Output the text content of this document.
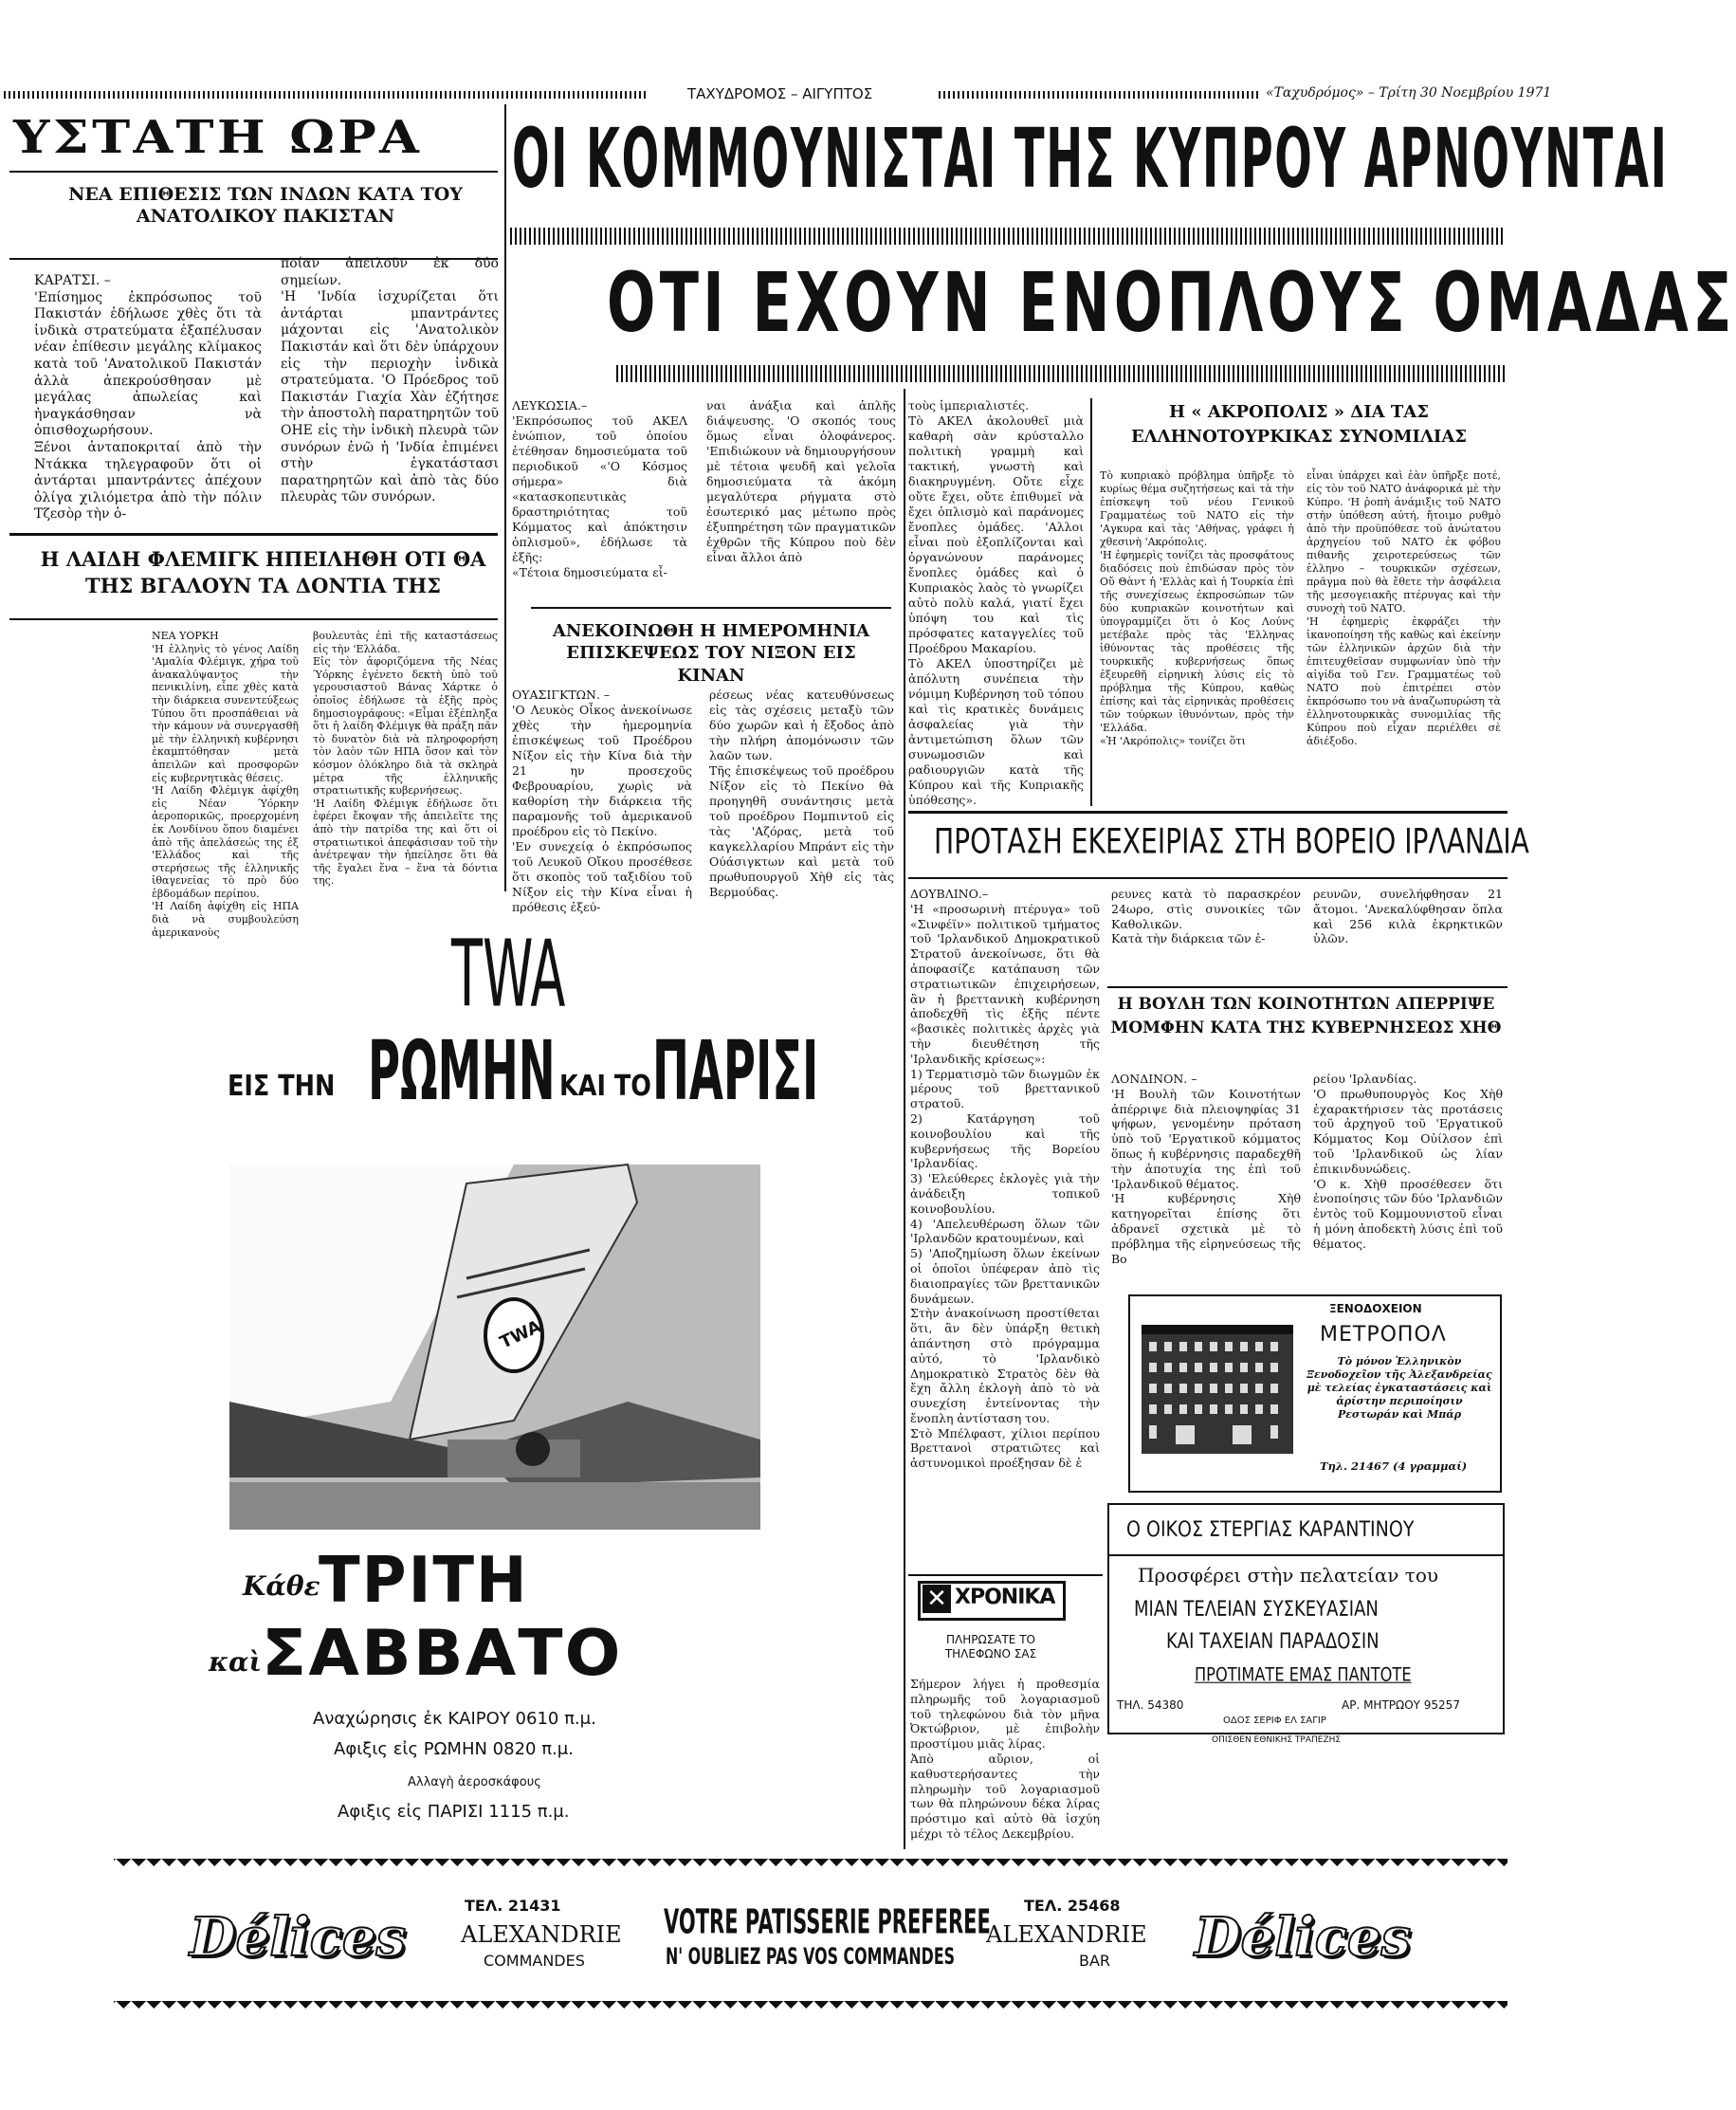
ΤΑΧΥΔΡΟΜΟΣ – ΑΙΓΥΠΤΟΣ	«Ταχυδρόμος» – Τρίτη 30 Νοεμβρίου 1971
ΥΣΤΑΤΗ ΩΡΑ
ΝΕΑ ΕΠΙΘΕΣΙΣ ΤΩΝ ΙΝΔΩΝ ΚΑΤΑ ΤΟΥ ΑΝΑΤΟΛΙΚΟΥ ΠΑΚΙΣΤΑΝ
ΚΑΡΑΤΣΙ. –
'Επίσημος ἐκπρόσωπος τοῦ Πακιστάν ἐδήλωσε χθὲς ὅτι τὰ ἰνδικὰ στρατεύματα ἐξαπέλυσαν νέαν ἐπίθεσιν μεγάλης κλίμακος κατὰ τοῦ 'Ανατολικοῦ Πακιστάν ἀλλὰ ἀπεκρούσθησαν μὲ μεγάλας ἀπωλείας καὶ ἠναγκάσθησαν νὰ ὀπισθοχωρήσουν.
Ξένοι ἀνταποκριταί ἀπὸ τὴν Ντάκκα τηλεγραφοῦν ὅτι οἱ ἀντάρται μπαντράντες ἀπέχουν ὀλίγα χιλιόμετρα ἀπὸ τὴν πόλιν Τζεσὸρ τὴν ὁ-
ποίαν ἀπειλοῦν ἐκ δύο σημείων.
'Η 'Ινδία ἰσχυρίζεται ὅτι ἀντάρται μπαντράντες μάχονται εἰς 'Ανατολικὸν Πακιστάν καὶ ὅτι δὲν ὑπάρχουν εἰς τὴν περιοχὴν ἰνδικὰ στρατεύματα. 'Ο Πρόεδρος τοῦ Πακιστάν Γιαχία Χὰν ἐζήτησε τὴν ἀποστολὴ παρατηρητῶν τοῦ ΟΗΕ εἰς τὴν ἰνδικὴ πλευρὰ τῶν συνόρων ἐνῶ ἡ 'Ινδία ἐπιμένει στὴν ἐγκατάστασι παρατηρητῶν καὶ ἀπὸ τὰς δύο πλευρὰς τῶν συνόρων.
Η ΛΑΙΔΗ ΦΛΕΜΙΓΚ ΗΠΕΙΛΗΘΗ ΟΤΙ ΘΑ ΤΗΣ ΒΓΑΛΟΥΝ ΤΑ ΔΟΝΤΙΑ ΤΗΣ
ΝΕΑ ΥΟΡΚΗ
'Η ἑλληνὶς τὸ γένος Λαίδη 'Αμαλία Φλέμιγκ, χήρα τοῦ ἀνακαλύψαντος τὴν πενικιλίνη, εἶπε χθὲς κατὰ τὴν διάρκεια συνεντεύξεως Τύπου ὅτι προσπάθειαι νὰ τὴν κάμουν νὰ συνεργασθῆ μὲ τὴν ἑλληνικὴ κυβέρνησι ἐκαμπτόθησαν μετὰ ἀπειλῶν καὶ προσφορῶν εἰς κυβερνητικὰς θέσεις.
'Η Λαίδη Φλέμιγκ ἀφίχθη εἰς Νέαν Ύόρκην ἀεροπορικῶς, προερχομένη ἐκ Λονδίνου ὅπου διαμένει ἀπὸ τῆς ἀπελάσεώς της ἐξ 'Ελλάδος καὶ τῆς στερήσεως τῆς ἑλληνικῆς ἰθαγενείας τὸ πρὸ δύο ἑβδομάδων περίπου.
'Η Λαίδη ἀφίχθη εἰς ΗΠΑ διὰ νὰ συμβουλεύση ἀμερικανοὺς
βουλευτὰς ἐπὶ τῆς καταστάσεως εἰς τὴν 'Ελλάδα.
Εἰς τὸν ἀφοριζόμενα τῆς Νέας Ύόρκης ἐγένετο δεκτὴ ὑπὸ τοῦ γερουσιαστοῦ Βάνας Χάρτκε ὁ ὁποῖος ἐδήλωσε τὰ ἑξῆς πρὸς δημοσιογράφους: «Εἶμαι ἐξέπληξα ὅτι ἡ λαίδη Φλέμιγκ θὰ πράξη πᾶν τὸ δυνατὸν διὰ νὰ πληροφορήση τὸν λαὸν τῶν ΗΠΑ ὅσον καὶ τὸν κόσμον ὁλόκληρο διὰ τὰ σκληρὰ μέτρα τῆς ἑλληνικῆς στρατιωτικῆς κυβερνήσεως.
'Η Λαίδη Φλέμιγκ ἐδήλωσε ὅτι ἐφέρει ἔκοψαν τῆς ἀπειλεῖτε της ἀπὸ τὴν πατρίδα της καὶ ὅτι οἱ στρατιωτικοὶ ἀπεφάσισαν τοῦ τὴν ἀνέτρεψαν τὴν ἠπείλησε ὅτι θὰ τῆς ἔγαλει ἕνα – ἕνα τὰ δόντια της.
ΟΙ ΚΟΜΜΟΥΝΙΣΤΑΙ ΤΗΣ ΚΥΠΡΟΥ ΑΡΝΟΥΝΤΑΙ
ΟΤΙ ΕΧΟΥΝ ΕΝΟΠΛΟΥΣ ΟΜΑΔΑΣ
ΛΕΥΚΩΣΙΑ.–
'Εκπρόσωπος τοῦ ΑΚΕΛ ἐνώπιον, τοῦ ὁποίου ἐτέθησαν δημοσιεύματα τοῦ περιοδικοῦ «'Ο Κόσμος σήμερα» διὰ «κατασκοπευτικὰς δραστηριότητας τοῦ Κόμματος καὶ ἀπόκτησιν ὁπλισμοῦ», ἐδήλωσε τὰ ἑξῆς:
«Τέτοια δημοσιεύματα εἶ-
ναι ἀνάξια καὶ ἁπλῆς διάψευσης. 'Ο σκοπός τους ὅμως εἶναι ὁλοφάνερος. 'Επιδιώκουν νὰ δημιουργήσουν μὲ τέτοια ψευδῆ καὶ γελοῖα δημοσιεύματα τὰ ἀκόμη μεγαλύτερα ρήγματα στὸ ἐσωτερικό μας μέτωπο πρὸς ἐξυπηρέτηση τῶν πραγματικῶν ἐχθρῶν τῆς Κύπρου ποὺ δὲν εἶναι ἄλλοι ἀπὸ
ΑΝΕΚΟΙΝΩΘΗ Η ΗΜΕΡΟΜΗΝΙΑ ΕΠΙΣΚΕΨΕΩΣ ΤΟΥ ΝΙΞΟΝ ΕΙΣ ΚΙΝΑΝ
ΟΥΑΣΙΓΚΤΩΝ. –
'Ο Λευκὸς Οἶκος ἀνεκοίνωσε χθὲς τὴν ἡμερομηνία ἐπισκέψεως τοῦ Προέδρου Νίξον εἰς τὴν Κίνα διὰ τὴν 21 ην προσεχοῦς Φεβρουαρίου, χωρὶς νὰ καθορίση τὴν διάρκεια τῆς παραμονῆς τοῦ ἀμερικανοῦ προέδρου εἰς τὸ Πεκίνο.
'Εν συνεχείᾳ ὁ ἐκπρόσωπος τοῦ Λευκοῦ Οἴκου προσέθεσε ὅτι σκοπὸς τοῦ ταξιδίου τοῦ Νίξον εἰς τὴν Κίνα εἶναι ἡ πρόθεσις ἐξεύ-
ρέσεως νέας κατευθύνσεως εἰς τὰς σχέσεις μεταξὺ τῶν δύο χωρῶν καὶ ἡ ἔξοδος ἀπὸ τὴν πλήρη ἀπομόνωσιν τῶν λαῶν των.
Τῆς ἐπισκέψεως τοῦ προέδρου Νίξον εἰς τὸ Πεκίνο θὰ προηγηθῆ συνάντησις μετὰ τοῦ προέδρου Πομπιντοῦ εἰς τὰς 'Αζόρας, μετὰ τοῦ καγκελλαρίου Μπράντ εἰς τὴν Ούάσιγκτων καὶ μετὰ τοῦ πρωθυπουργοῦ Χὴθ εἰς τὰς Βερμούδας.
τοὺς ἰμπεριαλιστές.
Τὸ ΑΚΕΛ ἀκολουθεῖ μιὰ καθαρὴ σὰν κρύσταλλο πολιτικὴ γραμμὴ καὶ τακτική, γνωστὴ καὶ διακηρυγμένη. Οὔτε εἶχε οὔτε ἔχει, οὔτε ἐπιθυμεῖ νὰ ἔχει ὁπλισμὸ καὶ παράνομες ἔνοπλες ὁμάδες. 'Αλλοι εἶναι ποὺ ἐξοπλίζονται καὶ ὀργανώνουν παράνομες ἔνοπλες ὁμάδες καὶ ὁ Κυπριακὸς λαὸς τὸ γνωρίζει αὐτὸ πολὺ καλά, γιατί ἔχει ὑπόψη του καὶ τὶς πρόσφατες καταγγελίες τοῦ Προέδρου Μακαρίου.
Τὸ ΑΚΕΛ ὑποστηρίζει μὲ ἀπόλυτη συνέπεια τὴν νόμιμη Κυβέρνηση τοῦ τόπου καὶ τὶς κρατικὲς δυνάμεις ἀσφαλείας γιὰ τὴν ἀντιμετώπιση ὅλων τῶν συνωμοσιῶν καὶ ραδιουργιῶν κατὰ τῆς Κύπρου καὶ τῆς Κυπριακῆς ὑπόθεσης».
Η « ΑΚΡΟΠΟΛΙΣ » ΔΙΑ ΤΑΣ ΕΛΛΗΝΟΤΟΥΡΚΙΚΑΣ ΣΥΝΟΜΙΛΙΑΣ
Τὸ κυπριακὸ πρόβλημα ὑπῆρξε τὸ κυρίως θέμα συζητήσεως καὶ τὰ τὴν ἐπίσκεψη τοῦ νέου Γενικοῦ Γραμματέως τοῦ ΝΑΤΟ εἰς τὴν 'Αγκυρα καὶ τὰς 'Αθήνας, γράφει ἡ χθεσινὴ 'Ακρόπολις.
'Η ἐφημερὶς τονίζει τὰς προσφάτους διαδόσεις ποὺ ἐπιδώσαν πρὸς τὸν Οὔ Θὰντ ἡ 'Ελλὰς καὶ ἡ Τουρκία ἐπὶ τῆς συνεχίσεως ἐκπροσώπων τῶν δύο κυπριακῶν κοινοτήτων καὶ ὑπογραμμίζει ὅτι ὁ Κος Λούνς μετέβαλε πρὸς τὰς 'Ελληνας ἰθύνοντας τὰς προθέσεις τῆς τουρκικῆς κυβερνήσεως ὅπως ἐξευρεθῆ εἰρηνικὴ λύσις εἰς τὸ πρόβλημα τῆς Κύπρου, καθὼς ἐπίσης καὶ τὰς εἰρηνικὰς προθέσεις τῶν τούρκων ἰθυνόντων, πρὸς τὴν 'Ελλάδα.
«Ἡ 'Ακρόπολις» τονίζει ὅτι
εἶναι ὑπάρχει καὶ ἐὰν ὑπῆρξε ποτέ, εἰς τὸν τοῦ ΝΑΤΟ ἀνάφορικά μὲ τὴν Κύπρο. 'Η ῥοπὴ ἀνάμιξις τοῦ ΝΑΤΟ στὴν ὑπόθεση αὐτή, ἤτοιμο ρυθμὸ ἀπὸ τὴν προϋπόθεσε τοῦ ἀνώτατου ἀρχηγείου τοῦ ΝΑΤΟ ἐκ φόβου πιθανῆς χειροτερεύσεως τῶν ἑλληνο – τουρκικῶν σχέσεων, πρᾶγμα ποὺ θὰ ἔθετε τὴν ἀσφάλεια τῆς μεσογειακῆς πτέρυγας καὶ τὴν συνοχὴ τοῦ ΝΑΤΟ.
'Η ἐφημερὶς ἐκφράζει τὴν ἱκανοποίηση τῆς καθὼς καὶ ἐκείνην τῶν ἑλληνικῶν ἀρχῶν διὰ τὴν ἐπιτευχθεῖσαν συμφωνίαν ὑπὸ τὴν αἰγίδα τοῦ Γεν. Γραμματέως τοῦ ΝΑΤΟ ποὺ ἐπιτρέπει στὸν ἐκπρόσωπο του νὰ ἀναζωπυρώση τὰ ἐλληνοτουρκικὰς συνομιλίας τῆς Κύπρου ποὺ εἶχαν περιέλθει σὲ ἀδιέξοδο.
ΠΡΟΤΑΣΗ ΕΚΕΧΕΙΡΙΑΣ ΣΤΗ ΒΟΡΕΙΟ ΙΡΛΑΝΔΙΑ
ΔΟΥΒΛΙΝΟ.–
'Η «προσωρινὴ πτέρυγα» τοῦ «Σινφέϊν» πολιτικοῦ τμήματος τοῦ 'Ιρλανδικοῦ Δημοκρατικοῦ Στρατοῦ ἀνεκοίνωσε, ὅτι θὰ ἀποφασίζε κατάπαυση τῶν στρατιωτικῶν ἐπιχειρήσεων, ἂν ἡ βρεττανικὴ κυβέρνηση ἀποδεχθῆ τὶς ἑξῆς πέντε «βασικὲς πολιτικὲς ἀρχὲς γιὰ τὴν διευθέτηση τῆς 'Ιρλανδικῆς κρίσεως»:
1) Τερματισμὸ τῶν διωγμῶν ἐκ μέρους τοῦ βρεττανικοῦ στρατοῦ.
2) Κατάργηση τοῦ κοινοβουλίου καὶ τῆς κυβερνήσεως τῆς Βορείου 'Ιρλανδίας.
3) 'Ελεύθερες ἐκλογὲς γιὰ τὴν ἀνάδειξη τοπικοῦ κοινοβουλίου.
4) 'Απελευθέρωση ὅλων τῶν 'Ιρλανδῶν κρατουμένων, καὶ
5) 'Αποζημίωση ὅλων ἐκείνων οἱ ὁποῖοι ὑπέφεραν ἀπὸ τὶς διαιοπραγίες τῶν βρεττανικῶν δυνάμεων.
Στὴν ἀνακοίνωση προστίθεται ὅτι, ἂν δὲν ὑπάρξη θετικὴ ἀπάντηση στὸ πρόγραμμα αὐτό, τὸ 'Ιρλανδικὸ Δημοκρατικὸ Στρατὸς δὲν θὰ ἔχη ἄλλη ἐκλογὴ ἀπὸ τὸ νὰ συνεχίση ἐντείνοντας τὴν ἔνοπλη ἀντίσταση του.
Στὸ Μπέλφαστ, χίλιοι περίπου Βρεττανοὶ στρατιῶτες καὶ ἀστυνομικοὶ προέξησαν δὲ ἐ
ρευνες κατὰ τὸ παρασκρέον 24ωρο, στὶς συνοικίες τῶν Καθολικῶν.
Κατὰ τὴν διάρκεια τῶν ἐ-
ρευνῶν, συνελήφθησαν 21 ἄτομοι. 'Ανεκαλύφθησαν ὅπλα καὶ 256 κιλὰ ἐκρηκτικῶν ὑλῶν.
Η ΒΟΥΛΗ ΤΩΝ ΚΟΙΝΟΤΗΤΩΝ ΑΠΕΡΡΙΨΕ ΜΟΜΦΗΝ ΚΑΤΑ ΤΗΣ ΚΥΒΕΡΝΗΣΕΩΣ ΧΗΘ
ΛΟΝΔΙΝΟΝ. –
'Η Βουλὴ τῶν Κοινοτήτων ἀπέρριψε διὰ πλειοψηφίας 31 ψήφων, γενομένην πρόταση ὑπὸ τοῦ 'Εργατικοῦ κόμματος ὅπως ἡ κυβέρνησις παραδεχθῆ τὴν ἀποτυχία της ἐπὶ τοῦ 'Ιρλανδικοῦ θέματος.
'Η κυβέρνησις Χὴθ κατηγορεῖται ἐπίσης ὅτι ἀδρανεῖ σχετικὰ μὲ τὸ πρόβλημα τῆς εἰρηνεύσεως τῆς Βο
ρείου 'Ιρλανδίας.
'Ο πρωθυπουργὸς Κος Χὴθ ἐχαρακτήρισεν τὰς προτάσεις τοῦ ἀρχηγοῦ τοῦ 'Εργατικοῦ Κόμματος Κομ Οὐίλσον ἐπὶ τοῦ 'Ιρλανδικοῦ ὡς λίαν ἐπικινδυνώδεις.
'Ο κ. Χὴθ προσέθεσεν ὅτι ἑνοποίησις τῶν δύο 'Ιρλανδιῶν ἐντὸς τοῦ Κομμουνιστοῦ εἶναι ἡ μόνη ἀποδεκτὴ λύσις ἐπὶ τοῦ θέματος.
ΞΕΝΟΔΟΧΕΙΟΝ
ΜΕΤΡΟΠΟΛ
Τὸ μόνον Ἑλληνικὸν Ξενοδοχεῖον τῆς Ἀλεξανδρείας μὲ τελείας ἐγκαταστάσεις καὶ ἀρίστην περιποίησιν Ρεστωράν καὶ Μπάρ
Τηλ. 21467 (4 γραμμαί)
Ο ΟΙΚΟΣ ΣΤΕΡΓΙΑΣ ΚΑΡΑΝΤΙΝΟΥ
Προσφέρει στὴν πελατείαν του
ΜΙΑΝ ΤΕΛΕΙΑΝ ΣΥΣΚΕΥΑΣΙΑΝ
ΚΑΙ ΤΑΧΕΙΑΝ ΠΑΡΑΔΟΣΙΝ
ΠΡΟΤΙΜΑΤΕ ΕΜΑΣ ΠΑΝΤΟΤΕ
ΤΗΛ. 54380	ΑΡ. ΜΗΤΡΩΟΥ 95257
ΟΔΟΣ ΣΕΡΙΦ ΕΛ ΣΑΓΙΡ
ΟΠΙΣΘΕΝ ΕΘΝΙΚΗΣ ΤΡΑΠΕΖΗΣ
✕ ΧΡΟΝΙΚΑ
ΠΛΗΡΩΣΑΤΕ ΤΟ ΤΗΛΕΦΩΝΟ ΣΑΣ
Σήμερον λήγει ἡ προθεσμία πληρωμῆς τοῦ λογαριασμοῦ τοῦ τηλεφώνου διὰ τὸν μῆνα Ὀκτώβριον, μὲ ἐπιβολὴν προστίμου μιᾶς λίρας.
Ἀπὸ αὔριον, οἱ καθυστερήσαντες τὴν πληρωμὴν τοῦ λογαριασμοῦ των θὰ πληρώνουν δέκα λίρας πρόστιμο καὶ αὐτὸ θὰ ἰσχύη μέχρι τὸ τέλος Δεκεμβρίου.
TWA
ΕΙΣ ΤΗΝ ΡΩΜΗΝ ΚΑΙ ΤΟ ΠΑΡΙΣΙ
TWA
Κάθε
ΤΡΙΤΗ
καὶ ΣΑΒΒΑΤΟ
Αναχώρησις ἐκ ΚΑΙΡΟΥ 0610 π.μ.
Αφιξις εἰς ΡΩΜΗΝ 0820 π.μ.
Αλλαγὴ ἀεροσκάφους
Αφιξις εἰς ΠΑΡΙΣΙ 1115 π.μ.
Délices
ΤΕΛ. 21431
ALEXANDRIE
COMMANDES
VOTRE PATISSERIE PREFEREE
N' OUBLIEZ PAS VOS COMMANDES
ΤΕΛ. 25468
ALEXANDRIE
BAR Délices
